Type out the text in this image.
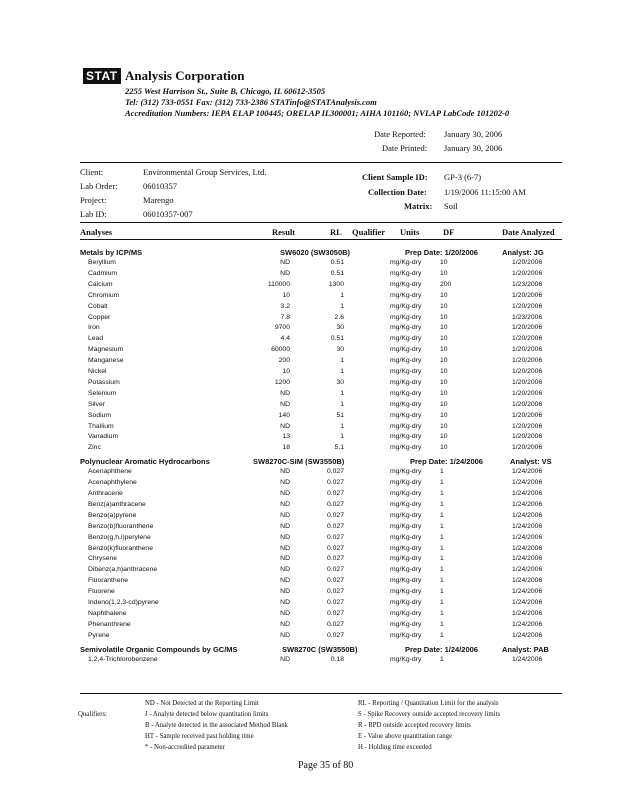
STAT Analysis Corporation
2255 West Harrison St., Suite B, Chicago, IL 60612-3505
Tel: (312) 733-0551 Fax: (312) 733-2386 STATinfo@STATAnalysis.com
Accreditation Numbers: IEPA ELAP 100445; ORELAP IL300001; AIHA 101160; NVLAP LabCode 101202-0
Date Reported: January 30, 2006
Date Printed: January 30, 2006
Client:	Environmental Group Services, Ltd.
Lab Order:	06010357
Project:	Marengo
Lab ID:	06010357-007
Client Sample ID: GP-3 (6-7)
Collection Date: 1/19/2006 11:15:00 AM
Matrix: Soil
Analyses	Result	RL Qualifier Units	DF	Date Analyzed
Metals by ICP/MS	SW6020 (SW3050B)	Prep Date: 1/20/2006	Analyst: JG
Beryllium	ND	0.51	mg/Kg-dry	10	1/20/2006
Cadmium	ND	0.51	mg/Kg-dry	10	1/20/2006
Calcium	110000	1300	mg/Kg-dry	200	1/23/2006
Chromium	10	1	mg/Kg-dry	10	1/20/2006
Cobalt	3.2	1	mg/Kg-dry	10	1/20/2006
Copper	7.8	2.6	mg/Kg-dry	10	1/23/2006
Iron	9700	30	mg/Kg-dry	10	1/20/2006
Lead	4.4	0.51	mg/Kg-dry	10	1/20/2006
Magnesium	60000	30	mg/Kg-dry	10	1/20/2006
Manganese	200	1	mg/Kg-dry	10	1/20/2006
Nickel	10	1	mg/Kg-dry	10	1/20/2006
Potassium	1200	30	mg/Kg-dry	10	1/20/2006
Selenium	ND	1	mg/Kg-dry	10	1/20/2006
Silver	ND	1	mg/Kg-dry	10	1/20/2006
Sodium	140	51	mg/Kg-dry	10	1/20/2006
Thallium	ND	1	mg/Kg-dry	10	1/20/2006
Vanadium	13	1	mg/Kg-dry	10	1/20/2006
Zinc	18	5.1	mg/Kg-dry	10	1/20/2006
Polynuclear Aromatic Hydrocarbons	SW8270C-SIM (SW3550B)	Prep Date: 1/24/2006	Analyst: VS
Acenaphthene	ND	0.027	mg/Kg-dry	1	1/24/2006
Acenaphthylene	ND	0.027	mg/Kg-dry	1	1/24/2006
Anthracene	ND	0.027	mg/Kg-dry	1	1/24/2006
Benz(a)anthracene	ND	0.027	mg/Kg-dry	1	1/24/2006
Benzo(a)pyrene	ND	0.027	mg/Kg-dry	1	1/24/2006
Benzo(b)fluoranthene	ND	0.027	mg/Kg-dry	1	1/24/2006
Benzo(g,h,i)perylene	ND	0.027	mg/Kg-dry	1	1/24/2006
Benzo(k)fluoranthene	ND	0.027	mg/Kg-dry	1	1/24/2006
Chrysene	ND	0.027	mg/Kg-dry	1	1/24/2006
Dibenz(a,h)anthracene	ND	0.027	mg/Kg-dry	1	1/24/2006
Fluoranthene	ND	0.027	mg/Kg-dry	1	1/24/2006
Fluorene	ND	0.027	mg/Kg-dry	1	1/24/2006
Indeno(1,2,3-cd)pyrene	ND	0.027	mg/Kg-dry	1	1/24/2006
Naphthalene	ND	0.027	mg/Kg-dry	1	1/24/2006
Phenanthrene	ND	0.027	mg/Kg-dry	1	1/24/2006
Pyrene	ND	0.027	mg/Kg-dry	1	1/24/2006
Semivolatile Organic Compounds by GC/MS	SW8270C (SW3550B)	Prep Date: 1/24/2006	Analyst: PAB
1,2,4-Trichlorobenzene	ND	0.18	mg/Kg-dry	1	1/24/2006
Qualifiers:
ND - Not Detected at the Reporting Limit
J - Analyte detected below quantitation limits
B - Analyte detected in the associated Method Blank
HT - Sample received past holding time
* - Non-accredited parameter
RL - Reporting / Quantitation Limit for the analysis
S - Spike Recovery outside accepted recovery limits
R - RPD outside accepted recovery limits
E - Value above quantitation range
H - Holding time exceeded
Page 35 of 80
